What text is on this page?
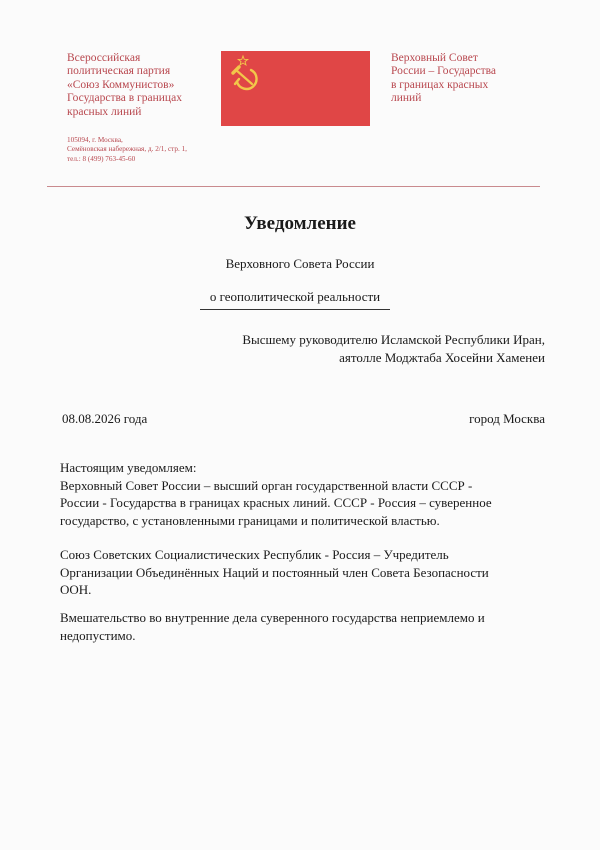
Всероссийская
политическая партия
«Союз Коммунистов»
Государства в границах
красных линий
105094, г. Москва,
Семёновская набережная, д. 2/1, стр. 1,
тел.: 8 (499) 763-45-60
Верховный Совет
России – Государства
в границах красных
линий
Уведомление
Верховного Совета России
о геополитической реальности
Высшему руководителю Исламской Республики Иран,
аятолле Моджтаба Хосейни Хаменеи
08.08.2026 года	город Москва
Настоящим уведомляем:
Верховный Совет России – высший орган государственной власти СССР -
России - Государства в границах красных линий. СССР - Россия – суверенное
государство, с установленными границами и политической властью.
Союз Советских Социалистических Республик - Россия – Учредитель
Организации Объединённых Наций и постоянный член Совета Безопасности
ООН.
Вмешательство во внутренние дела суверенного государства неприемлемо и
недопустимо.
